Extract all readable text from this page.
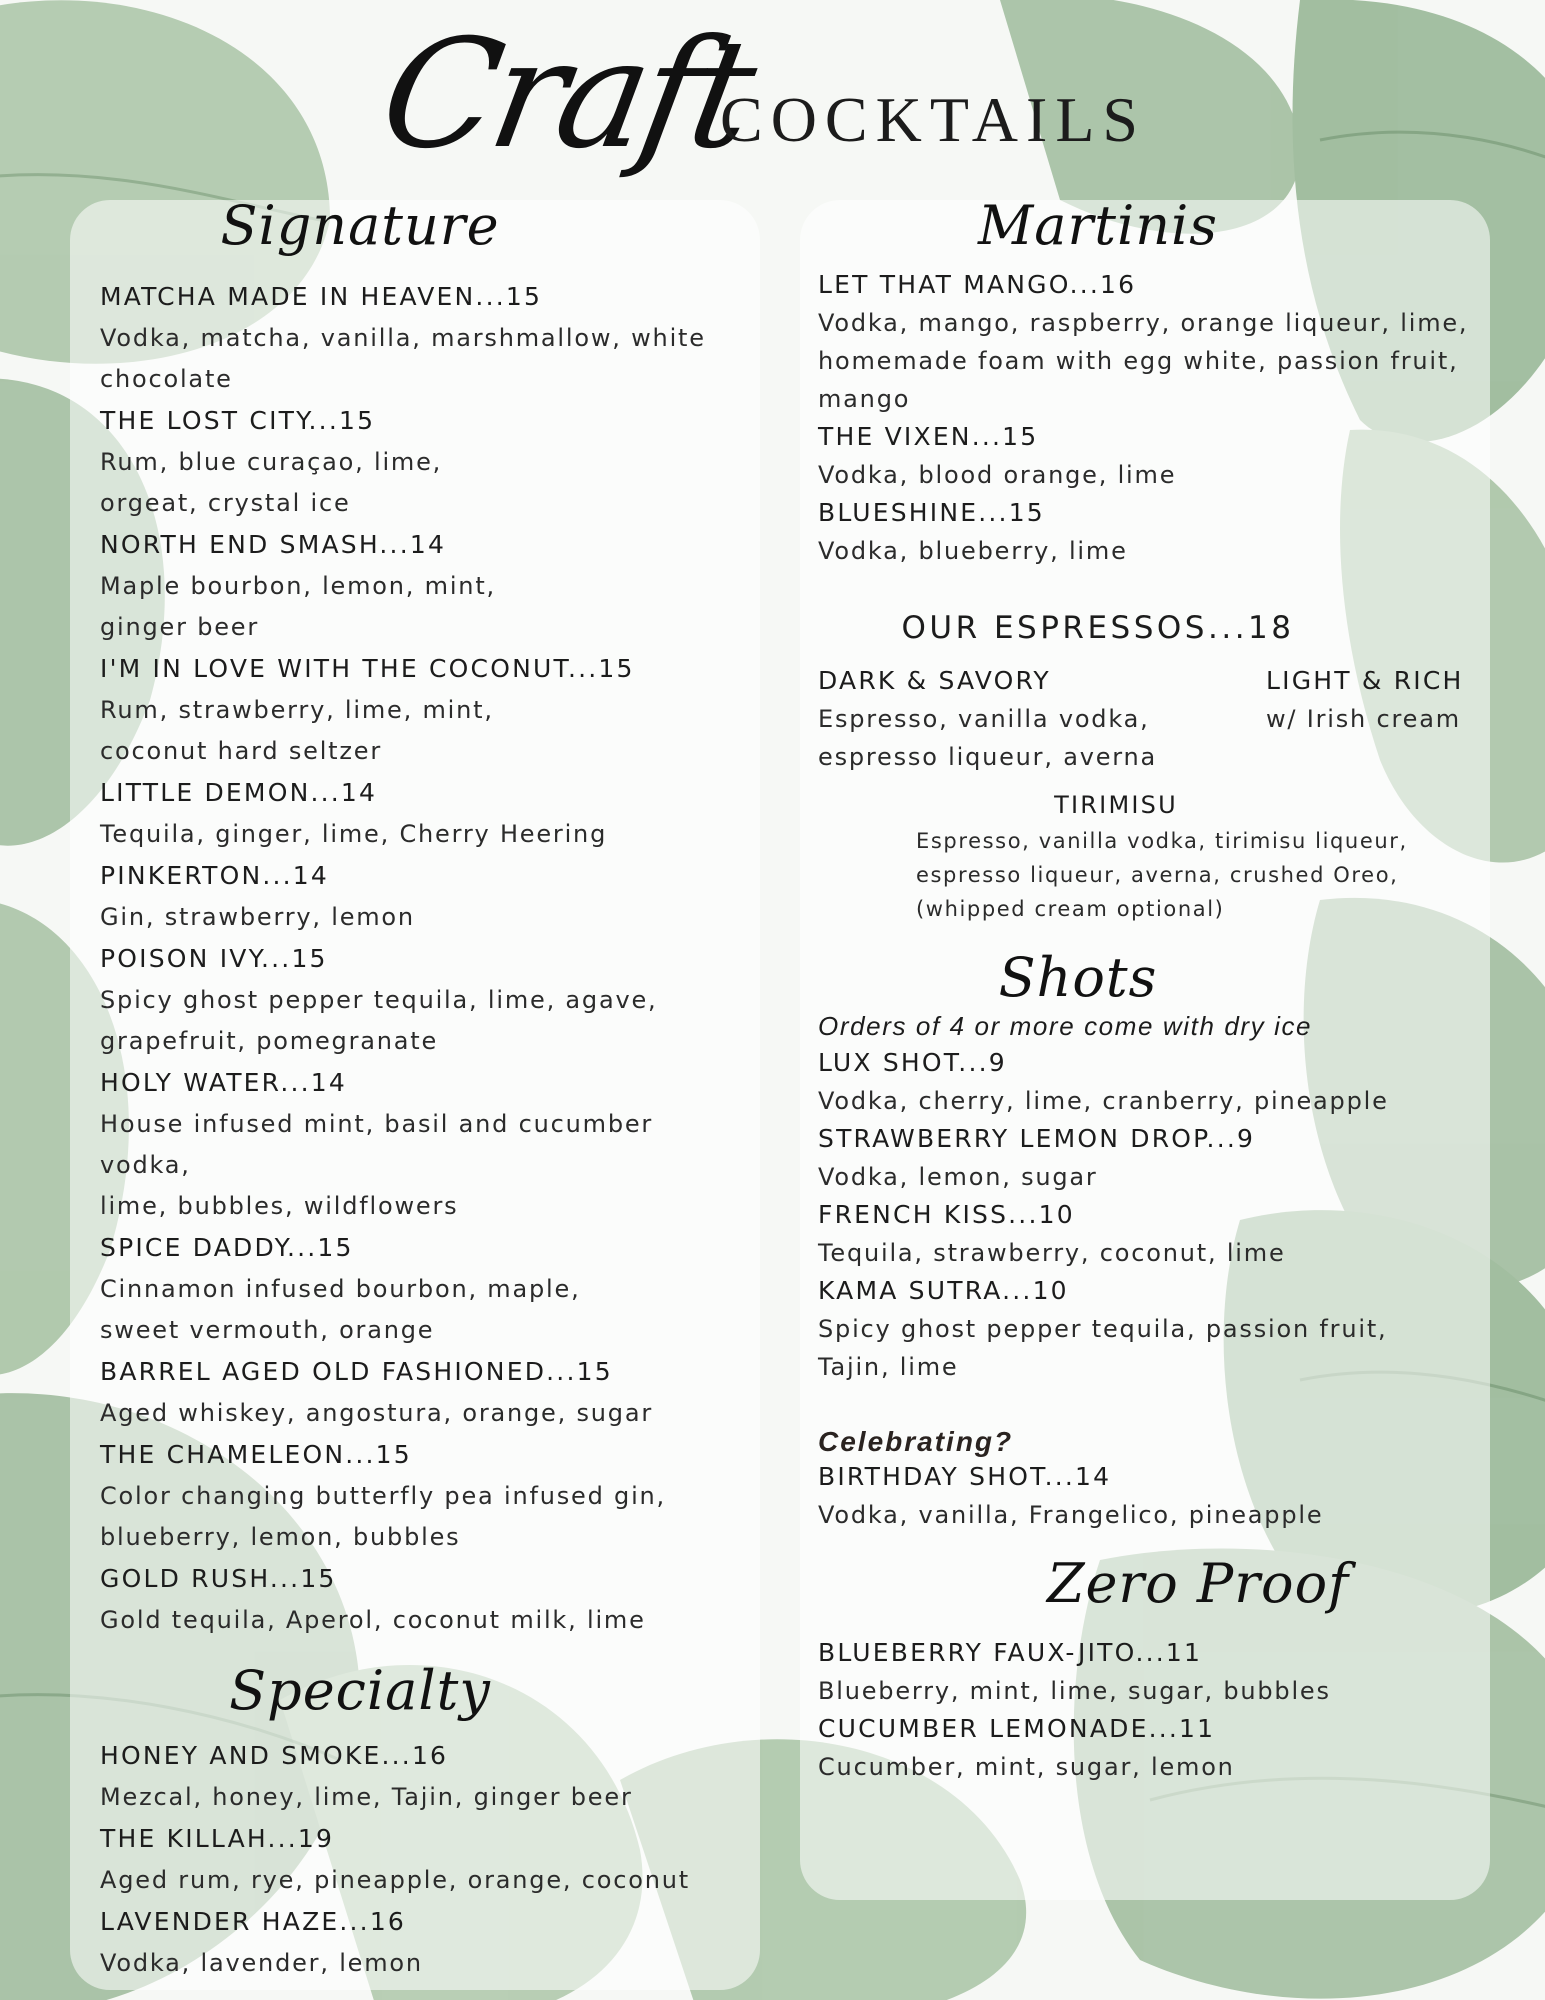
Craft
COCKTAILS
Signature
MATCHA MADE IN HEAVEN...15
Vodka, matcha, vanilla, marshmallow, white
chocolate
THE LOST CITY...15
Rum, blue curaçao, lime,
orgeat, crystal ice
NORTH END SMASH...14
Maple bourbon, lemon, mint,
ginger beer
I'M IN LOVE WITH THE COCONUT...15
Rum, strawberry, lime, mint,
coconut hard seltzer
LITTLE DEMON...14
Tequila, ginger, lime, Cherry Heering
PINKERTON...14
Gin, strawberry, lemon
POISON IVY...15
Spicy ghost pepper tequila, lime, agave,
grapefruit, pomegranate
HOLY WATER...14
House infused mint, basil and cucumber vodka,
lime, bubbles, wildflowers
SPICE DADDY...15
Cinnamon infused bourbon, maple,
sweet vermouth, orange
BARREL AGED OLD FASHIONED...15
Aged whiskey, angostura, orange, sugar
THE CHAMELEON...15
Color changing butterfly pea infused gin,
blueberry, lemon, bubbles
GOLD RUSH...15
Gold tequila, Aperol, coconut milk, lime
Specialty
HONEY AND SMOKE...16
Mezcal, honey, lime, Tajin, ginger beer
THE KILLAH...19
Aged rum, rye, pineapple, orange, coconut
LAVENDER HAZE...16
Vodka, lavender, lemon
Martinis
LET THAT MANGO...16
Vodka, mango, raspberry, orange liqueur, lime,
homemade foam with egg white, passion fruit,
mango
THE VIXEN...15
Vodka, blood orange, lime
BLUESHINE...15
Vodka, blueberry, lime
OUR ESPRESSOS...18
DARK & SAVORY
Espresso, vanilla vodka,
espresso liqueur, averna
LIGHT & RICH
w/ Irish cream
TIRIMISU
Espresso, vanilla vodka, tirimisu liqueur,
espresso liqueur, averna, crushed Oreo,
(whipped cream optional)
Shots
Orders of 4 or more come with dry ice
LUX SHOT...9
Vodka, cherry, lime, cranberry, pineapple
STRAWBERRY LEMON DROP...9
Vodka, lemon, sugar
FRENCH KISS...10
Tequila, strawberry, coconut, lime
KAMA SUTRA...10
Spicy ghost pepper tequila, passion fruit,
Tajin, lime
Celebrating?
BIRTHDAY SHOT...14
Vodka, vanilla, Frangelico, pineapple
Zero Proof
BLUEBERRY FAUX-JITO...11
Blueberry, mint, lime, sugar, bubbles
CUCUMBER LEMONADE...11
Cucumber, mint, sugar, lemon
